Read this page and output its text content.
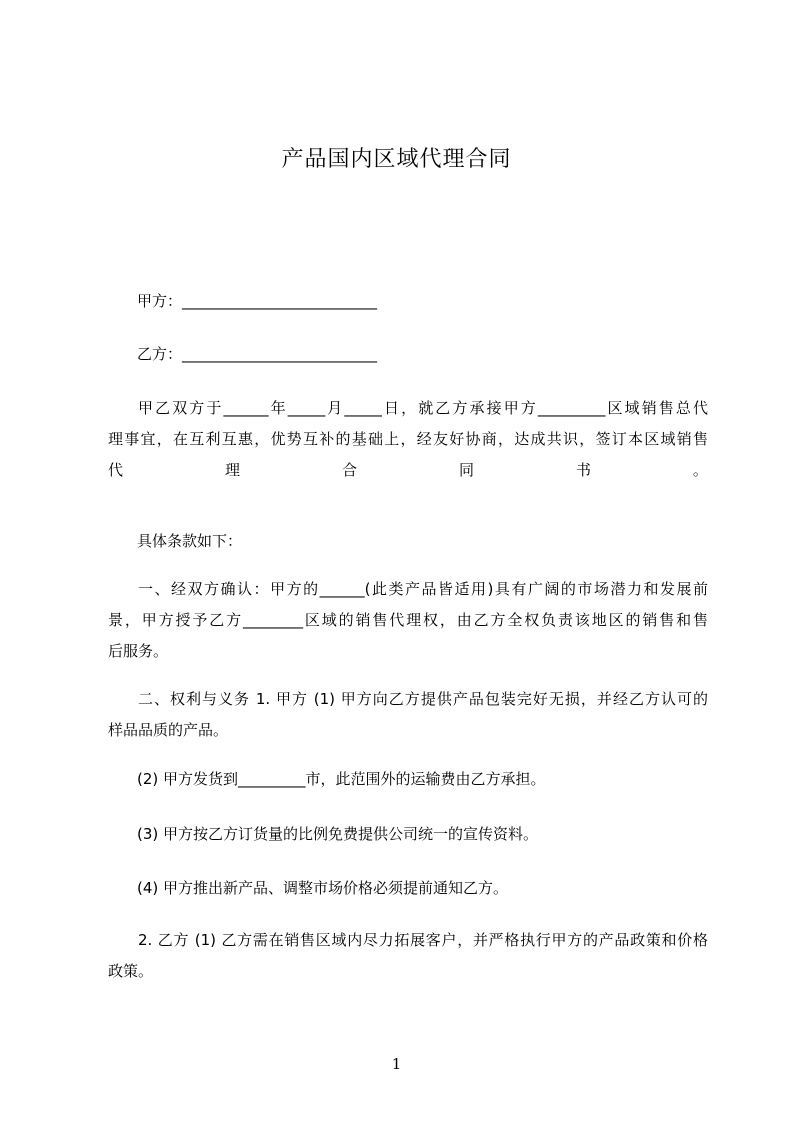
产品国内区域代理合同
甲方：__________________________
乙方：__________________________
甲乙双方于______年_____月_____日，就乙方承接甲方_________区域销售总代
理事宜，在互利互惠，优势互补的基础上，经友好协商，达成共识，签订本区域销售
代	理	合	同	书	。
具体条款如下：
一、经双方确认：甲方的______(此类产品皆适用)具有广阔的市场潜力和发展前
景，甲方授予乙方________区域的销售代理权，由乙方全权负责该地区的销售和售
后服务。
二、权利与义务 1. 甲方 (1) 甲方向乙方提供产品包装完好无损，并经乙方认可的
样品品质的产品。
(2) 甲方发货到_________市，此范围外的运输费由乙方承担。
(3) 甲方按乙方订货量的比例免费提供公司统一的宣传资料。
(4) 甲方推出新产品、调整市场价格必须提前通知乙方。
2. 乙方 (1) 乙方需在销售区域内尽力拓展客户，并严格执行甲方的产品政策和价格
政策。
1
